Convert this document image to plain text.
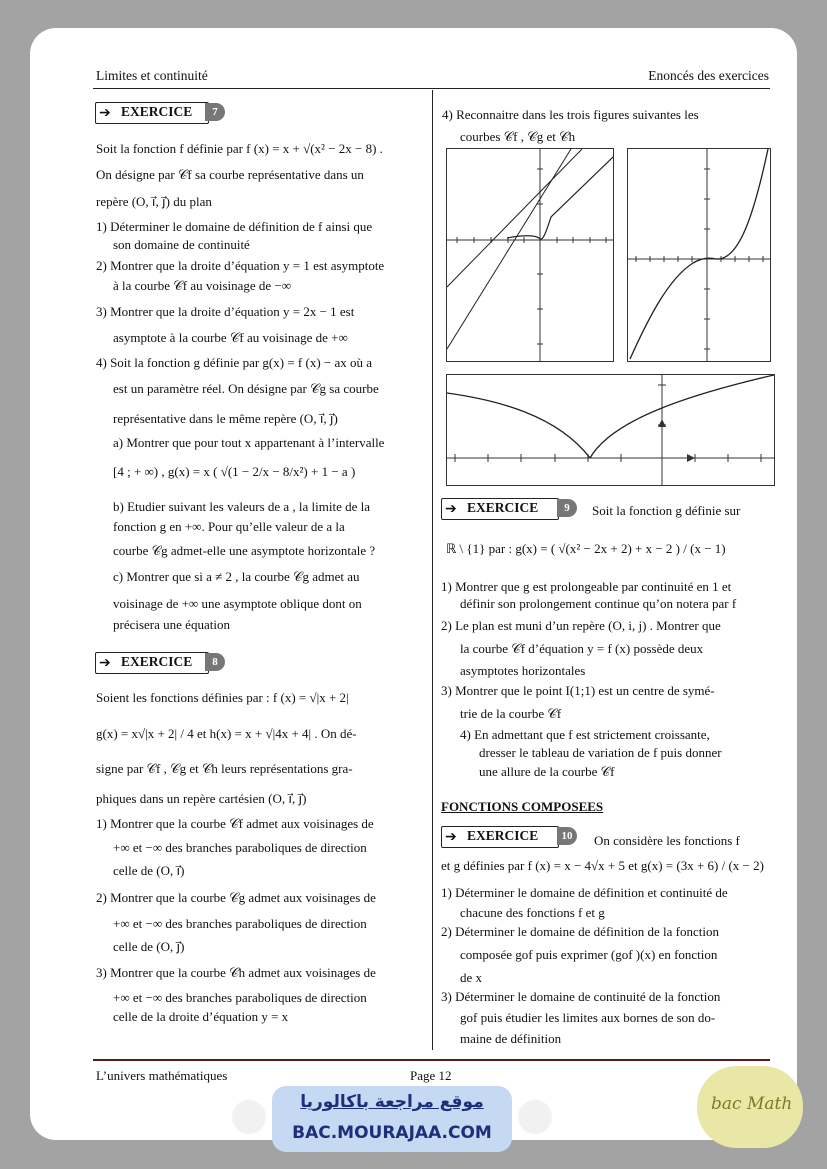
Limites et continuité	Enoncés des exercices
➔ EXERCICE	7
Soit la fonction f définie par f (x) = x + √(x² − 2x − 8) .
On désigne par 𝒞f sa courbe représentative dans un
repère (O, i⃗, j⃗) du plan
1) Déterminer le domaine de définition de f ainsi que
son domaine de continuité
2) Montrer que la droite d’équation y = 1 est asymptote
à la courbe 𝒞f au voisinage de −∞
3) Montrer que la droite d’équation y = 2x − 1 est
asymptote à la courbe 𝒞f au voisinage de +∞
4) Soit la fonction g définie par g(x) = f (x) − ax où a
est un paramètre réel. On désigne par 𝒞g sa courbe
représentative dans le même repère (O, i⃗, j⃗)
a) Montrer que pour tout x appartenant à l’intervalle
[4 ; + ∞) , g(x) = x ( √(1 − 2/x − 8/x²) + 1 − a )
b) Etudier suivant les valeurs de a , la limite de la
fonction g en +∞. Pour qu’elle valeur de a la
courbe 𝒞g admet-elle une asymptote horizontale ?
c) Montrer que si a ≠ 2 , la courbe 𝒞g admet au
voisinage de +∞ une asymptote oblique dont on
précisera une équation
➔ EXERCICE	8
Soient les fonctions définies par : f (x) = √|x + 2|
g(x) = x√|x + 2| / 4 et h(x) = x + √|4x + 4| . On dé-
signe par 𝒞f , 𝒞g et 𝒞h leurs représentations gra-
phiques dans un repère cartésien (O, i⃗, j⃗)
1) Montrer que la courbe 𝒞f admet aux voisinages de
+∞ et −∞ des branches paraboliques de direction
celle de (O, i⃗)
2) Montrer que la courbe 𝒞g admet aux voisinages de
+∞ et −∞ des branches paraboliques de direction
celle de (O, j⃗)
3) Montrer que la courbe 𝒞h admet aux voisinages de
+∞ et −∞ des branches paraboliques de direction
celle de la droite d’équation y = x
4) Reconnaitre dans les trois figures suivantes les
courbes 𝒞f , 𝒞g et 𝒞h
➔ EXERCICE	9	Soit la fonction g définie sur
ℝ \ {1} par : g(x) = ( √(x² − 2x + 2) + x − 2 ) / (x − 1)
1) Montrer que g est prolongeable par continuité en 1 et
définir son prolongement continue qu’on notera par f
2) Le plan est muni d’un repère (O, i, j) . Montrer que
la courbe 𝒞f d’équation y = f (x) possède deux
asymptotes horizontales
3) Montrer que le point I(1;1) est un centre de symé-
trie de la courbe 𝒞f
4) En admettant que f est strictement croissante,
dresser le tableau de variation de f puis donner
une allure de la courbe 𝒞f
FONCTIONS COMPOSEES
➔ EXERCICE	10	On considère les fonctions f
et g définies par f (x) = x − 4√x + 5 et g(x) = (3x + 6) / (x − 2)
1) Déterminer le domaine de définition et continuité de
chacune des fonctions f et g
2) Déterminer le domaine de définition de la fonction
composée gof puis exprimer (gof )(x) en fonction
de x
3) Déterminer le domaine de continuité de la fonction
gof puis étudier les limites aux bornes de son do-
maine de définition
L’univers mathématiques	Page 12
موقع مراجعة باكالوريا
BAC.MOURAJAA.COM
bac Math
